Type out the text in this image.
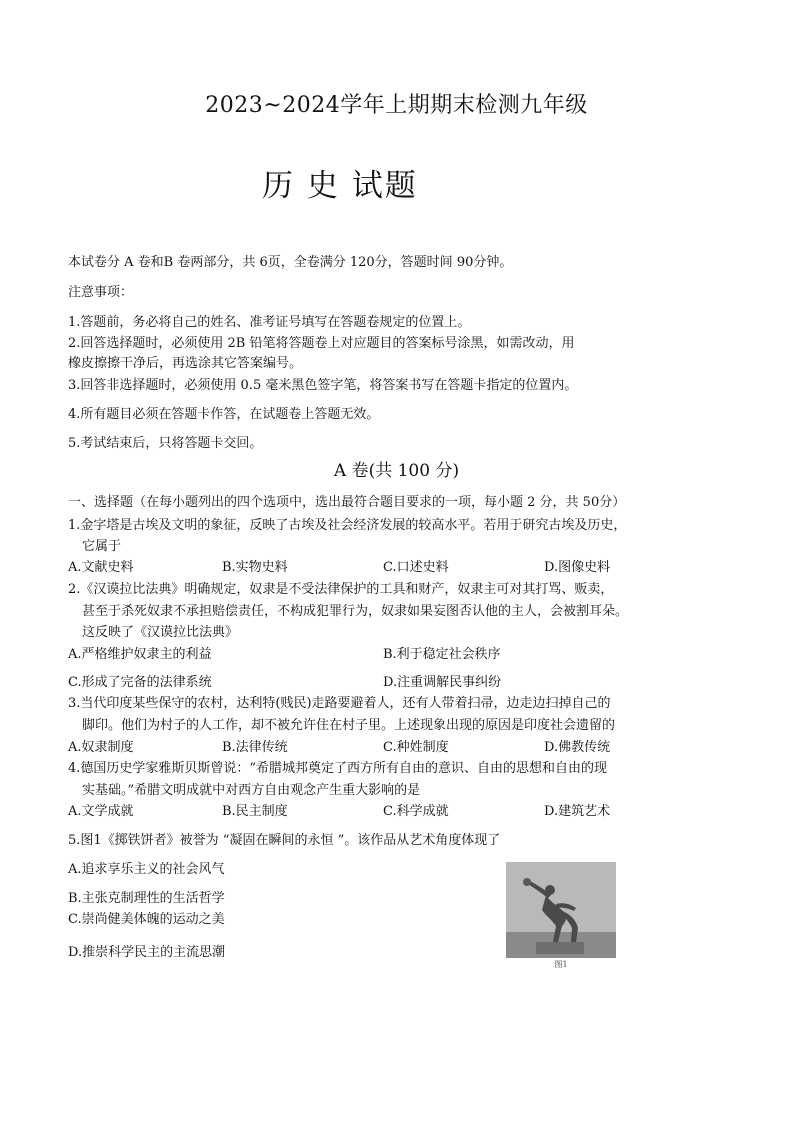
2023~2024学年上期期末检测九年级
历 史 试题
本试卷分 A 卷和B 卷两部分，共 6页，全卷满分 120分，答题时间 90分钟。
注意事项：
1.答题前，务必将自己的姓名、准考证号填写在答题卷规定的位置上。
2.回答选择题时，必须使用 2B 铅笔将答题卷上对应题目的答案标号涂黑，如需改动，用
橡皮擦擦干净后，再选涂其它答案编号。
3.回答非选择题时，必须使用 0.5 毫米黑色签字笔，将答案书写在答题卡指定的位置内。
4.所有题目必须在答题卡作答，在试题卷上答题无效。
5.考试结束后，只将答题卡交回。
A 卷(共 100 分)
一、选择题（在每小题列出的四个选项中，选出最符合题目要求的一项，每小题 2 分，共 50分）
1.金字塔是古埃及文明的象征，反映了古埃及社会经济发展的较高水平。若用于研究古埃及历史，
它属于
A.文献史料	B.实物史料	C.口述史料	D.图像史料
2.《汉谟拉比法典》明确规定，奴隶是不受法律保护的工具和财产，奴隶主可对其打骂、贩卖，
甚至于杀死奴隶不承担赔偿责任，不构成犯罪行为，奴隶如果妄图否认他的主人，会被割耳朵。
这反映了《汉谟拉比法典》
A.严格维护奴隶主的利益	B.利于稳定社会秩序
C.形成了完备的法律系统	D.注重调解民事纠纷
3.当代印度某些保守的农村，达利特(贱民)走路要避着人，还有人带着扫帚，边走边扫掉自己的
脚印。他们为村子的人工作，却不被允许住在村子里。上述现象出现的原因是印度社会遗留的
A.奴隶制度	B.法律传统	C.种姓制度	D.佛教传统
4.德国历史学家雅斯贝斯曾说：“希腊城邦奠定了西方所有自由的意识、自由的思想和自由的现
实基础。”希腊文明成就中对西方自由观念产生重大影响的是
A.文学成就	B.民主制度	C.科学成就	D.建筑艺术
5.图1《掷铁饼者》被誉为 “凝固在瞬间的永恒 ”。该作品从艺术角度体现了
A.追求享乐主义的社会风气
B.主张克制理性的生活哲学
C.崇尚健美体魄的运动之美
D.推崇科学民主的主流思潮
图1
